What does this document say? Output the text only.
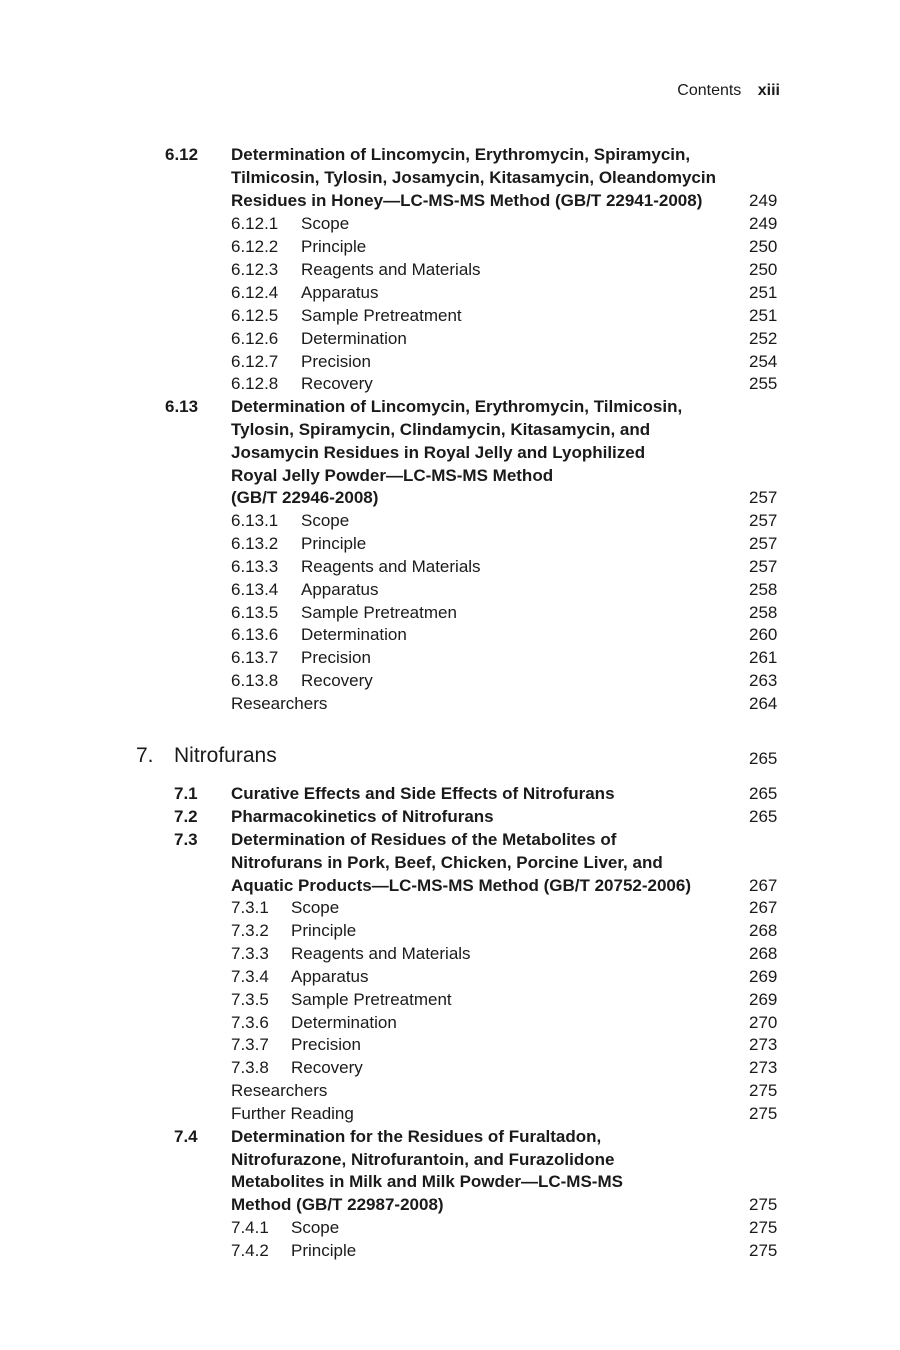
Contents xiii
6.12 Determination of Lincomycin, Erythromycin, Spiramycin,
Tilmicosin, Tylosin, Josamycin, Kitasamycin, Oleandomycin
Residues in Honey—LC-MS-MS Method (GB/T 22941-2008)	249
6.12.1 Scope	249
6.12.2 Principle	250
6.12.3 Reagents and Materials	250
6.12.4 Apparatus	251
6.12.5 Sample Pretreatment	251
6.12.6 Determination	252
6.12.7 Precision	254
6.12.8 Recovery	255
6.13 Determination of Lincomycin, Erythromycin, Tilmicosin,
Tylosin, Spiramycin, Clindamycin, Kitasamycin, and
Josamycin Residues in Royal Jelly and Lyophilized
Royal Jelly Powder—LC-MS-MS Method
(GB/T 22946-2008)	257
6.13.1 Scope	257
6.13.2 Principle	257
6.13.3 Reagents and Materials	257
6.13.4 Apparatus	258
6.13.5 Sample Pretreatmen	258
6.13.6 Determination	260
6.13.7 Precision	261
6.13.8 Recovery	263
Researchers	264
7. Nitrofurans	265
7.1 Curative Effects and Side Effects of Nitrofurans	265
7.2 Pharmacokinetics of Nitrofurans	265
7.3 Determination of Residues of the Metabolites of
Nitrofurans in Pork, Beef, Chicken, Porcine Liver, and
Aquatic Products—LC-MS-MS Method (GB/T 20752-2006)	267
7.3.1 Scope	267
7.3.2 Principle	268
7.3.3 Reagents and Materials	268
7.3.4 Apparatus	269
7.3.5 Sample Pretreatment	269
7.3.6 Determination	270
7.3.7 Precision	273
7.3.8 Recovery	273
Researchers	275
Further Reading	275
7.4 Determination for the Residues of Furaltadon,
Nitrofurazone, Nitrofurantoin, and Furazolidone
Metabolites in Milk and Milk Powder—LC-MS-MS
Method (GB/T 22987-2008)	275
7.4.1 Scope	275
7.4.2 Principle	275
